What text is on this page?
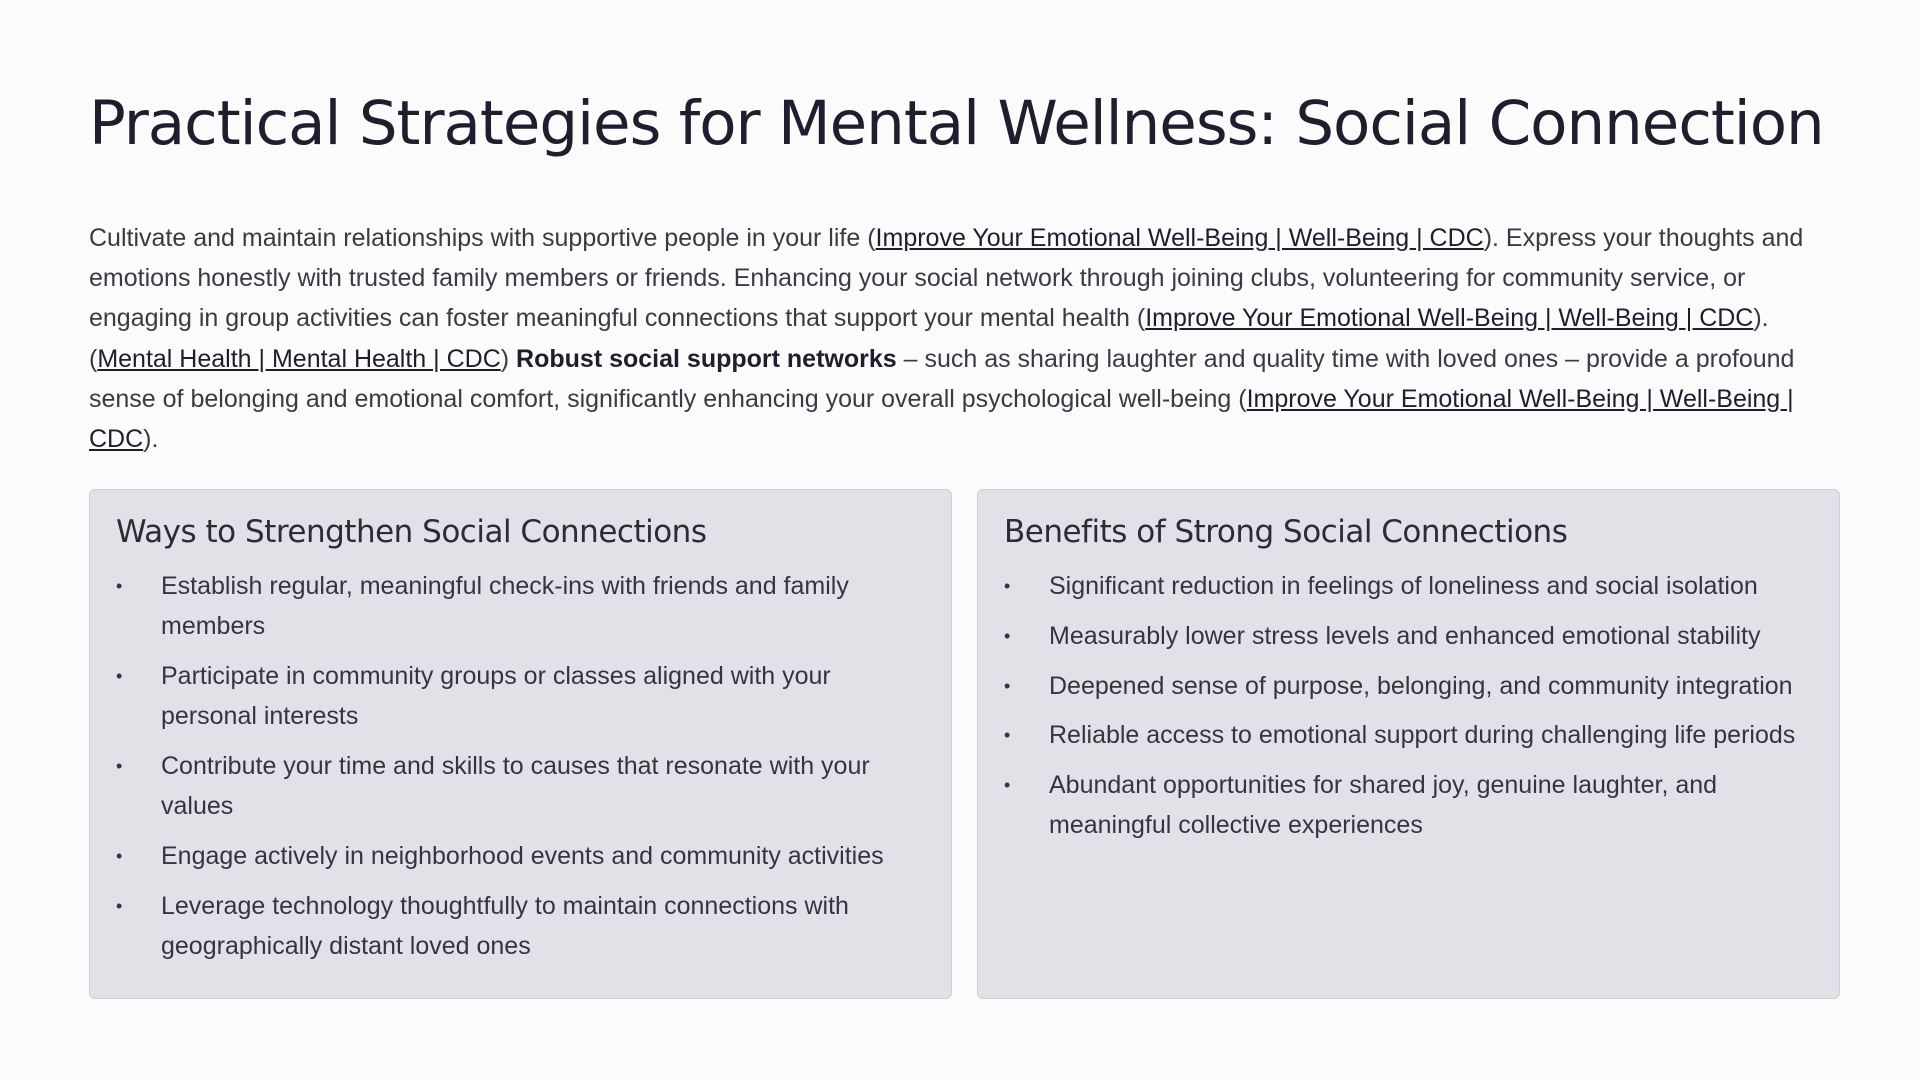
Practical Strategies for Mental Wellness: Social Connection

Cultivate and maintain relationships with supportive people in your life (Improve Your Emotional Well-Being | Well-Being | CDC). Express your thoughts and emotions honestly with trusted family members or friends. Enhancing your social network through joining clubs, volunteering for community service, or engaging in group activities can foster meaningful connections that support your mental health (Improve Your Emotional Well-Being | Well-Being | CDC). (Mental Health | Mental Health | CDC) Robust social support networks – such as sharing laughter and quality time with loved ones – provide a profound sense of belonging and emotional comfort, significantly enhancing your overall psychological well-being (Improve Your Emotional Well-Being | Well-Being | CDC).

Ways to Strengthen Social Connections
• Establish regular, meaningful check-ins with friends and family members
• Participate in community groups or classes aligned with your personal interests
• Contribute your time and skills to causes that resonate with your values
• Engage actively in neighborhood events and community activities
• Leverage technology thoughtfully to maintain connections with geographically distant loved ones
Benefits of Strong Social Connections
• Significant reduction in feelings of loneliness and social isolation
• Measurably lower stress levels and enhanced emotional stability
• Deepened sense of purpose, belonging, and community integration
• Reliable access to emotional support during challenging life periods
• Abundant opportunities for shared joy, genuine laughter, and meaningful collective experiences
